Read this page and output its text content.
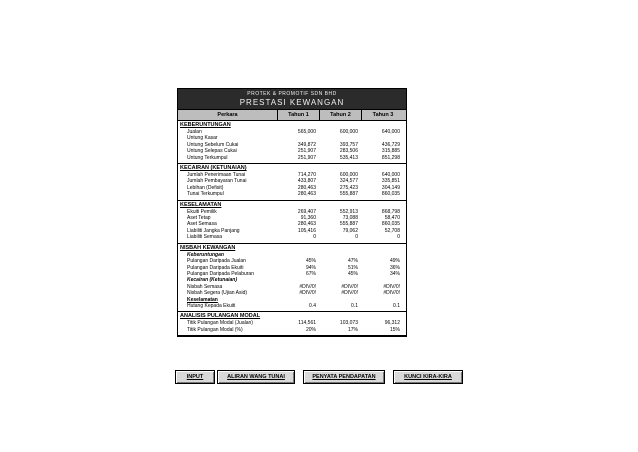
PROTEK & PROMOTIF SDN BHD
PRESTASI KEWANGAN
Perkara	Tahun 1	Tahun 2	Tahun 3
KEBERUNTUNGAN
Jualan	565,000	600,000	640,000
Untung Kasar
Untung Sebelum Cukai	349,872	393,757	436,729
Untung Selepas Cukai	251,907	283,506	315,885
Untung Terkumpul	251,907	535,413	851,298
KECAIRAN (KETUNAIAN)
Jumlah Penerimaan Tunai	714,270	600,000	640,000
Jumlah Pembayaran Tunai	433,807	324,577	335,851
Lebihan (Defisit)	280,463	275,423	304,149
Tunai Terkumpul	280,463	555,887	860,035
KESELAMATAN
Ekuiti Pemilik	269,407	552,913	868,798
Aset Tetap	91,360	73,088	58,470
Aset Semasa	280,463	555,887	860,035
Liabiliti Jangka Panjang	105,416	79,062	52,708
Liabiliti Semasa	0	0	0
NISBAH KEWANGAN
Keberuntungan
Pulangan Daripada Jualan	45%	47%	49%
Pulangan Daripada Ekuiti	94%	51%	36%
Pulangan Daripada Pelaburan	67%	45%	34%
Kecairan (Ketunaian)
Nisbah Semasa	#DIV/0!	#DIV/0!	#DIV/0!
Nisbah Segera (Ujian Asid)	#DIV/0!	#DIV/0!	#DIV/0!
Keselamatan
Hutang Kepada Ekuiti	0.4	0.1	0.1
ANALISIS PULANGAN MODAL
Titik Pulangan Modal (Jualan)	114,561	103,073	96,312
Titik Pulangan Modal (%)	20%	17%	15%
INPUT	ALIRAN WANG TUNAI	PENYATA PENDAPATAN	KUNCI KIRA-KIRA
